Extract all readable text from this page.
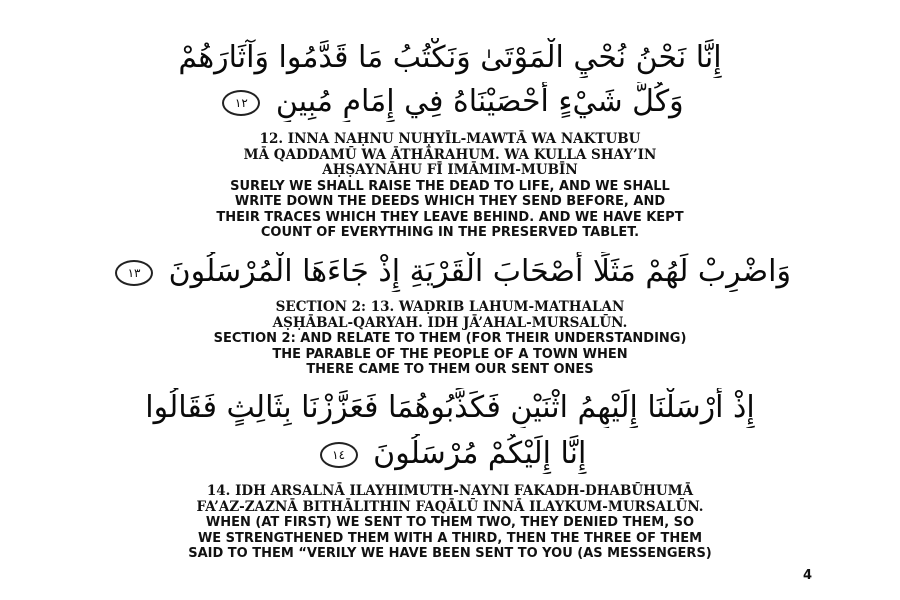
إِنَّا نَحْنُ نُحْيِ الْمَوْتَىٰ وَنَكْتُبُ مَا قَدَّمُوا وَآثَارَهُمْ
وَكُلَّ شَيْءٍ أَحْصَيْنَاهُ فِي إِمَامٍ مُبِينٍ ١٢
12. INNA NAḤNU NUḤYĪL-MAWTĀ WA NAKTUBU
MĀ QADDAMŪ WA ĀTHĀRAHUM. WA KULLA SHAY’IN
AḤṢAYNĀHU FĪ IMĀMIM-MUBĪN
SURELY WE SHALL RAISE THE DEAD TO LIFE, AND WE SHALL
WRITE DOWN THE DEEDS WHICH THEY SEND BEFORE, AND
THEIR TRACES WHICH THEY LEAVE BEHIND. AND WE HAVE KEPT
COUNT OF EVERYTHING IN THE PRESERVED TABLET.
وَاضْرِبْ لَهُمْ مَثَلًا أَصْحَابَ الْقَرْيَةِ إِذْ جَاءَهَا الْمُرْسَلُونَ ١٣
SECTION 2: 13. WAḌRIB LAHUM-MATHALAN
AṢḤĀBAL-QARYAH. IDH JĀ’AHAL-MURSALŪN.
SECTION 2: AND RELATE TO THEM (FOR THEIR UNDERSTANDING)
THE PARABLE OF THE PEOPLE OF A TOWN WHEN
THERE CAME TO THEM OUR SENT ONES
إِذْ أَرْسَلْنَا إِلَيْهِمُ اثْنَيْنِ فَكَذَّبُوهُمَا فَعَزَّزْنَا بِثَالِثٍ فَقَالُوا
إِنَّا إِلَيْكُمْ مُرْسَلُونَ ١٤
14. IDH ARSALNĀ ILAYHIMUTH-NAYNI FAKADH-DHABŪHUMĀ
FA’AZ-ZAZNĀ BITHĀLITHIN FAQĀLŪ INNĀ ILAYKUM-MURSALŪN.
WHEN (AT FIRST) WE SENT TO THEM TWO, THEY DENIED THEM, SO
WE STRENGTHENED THEM WITH A THIRD, THEN THE THREE OF THEM
SAID TO THEM “VERILY WE HAVE BEEN SENT TO YOU (AS MESSENGERS)
4
